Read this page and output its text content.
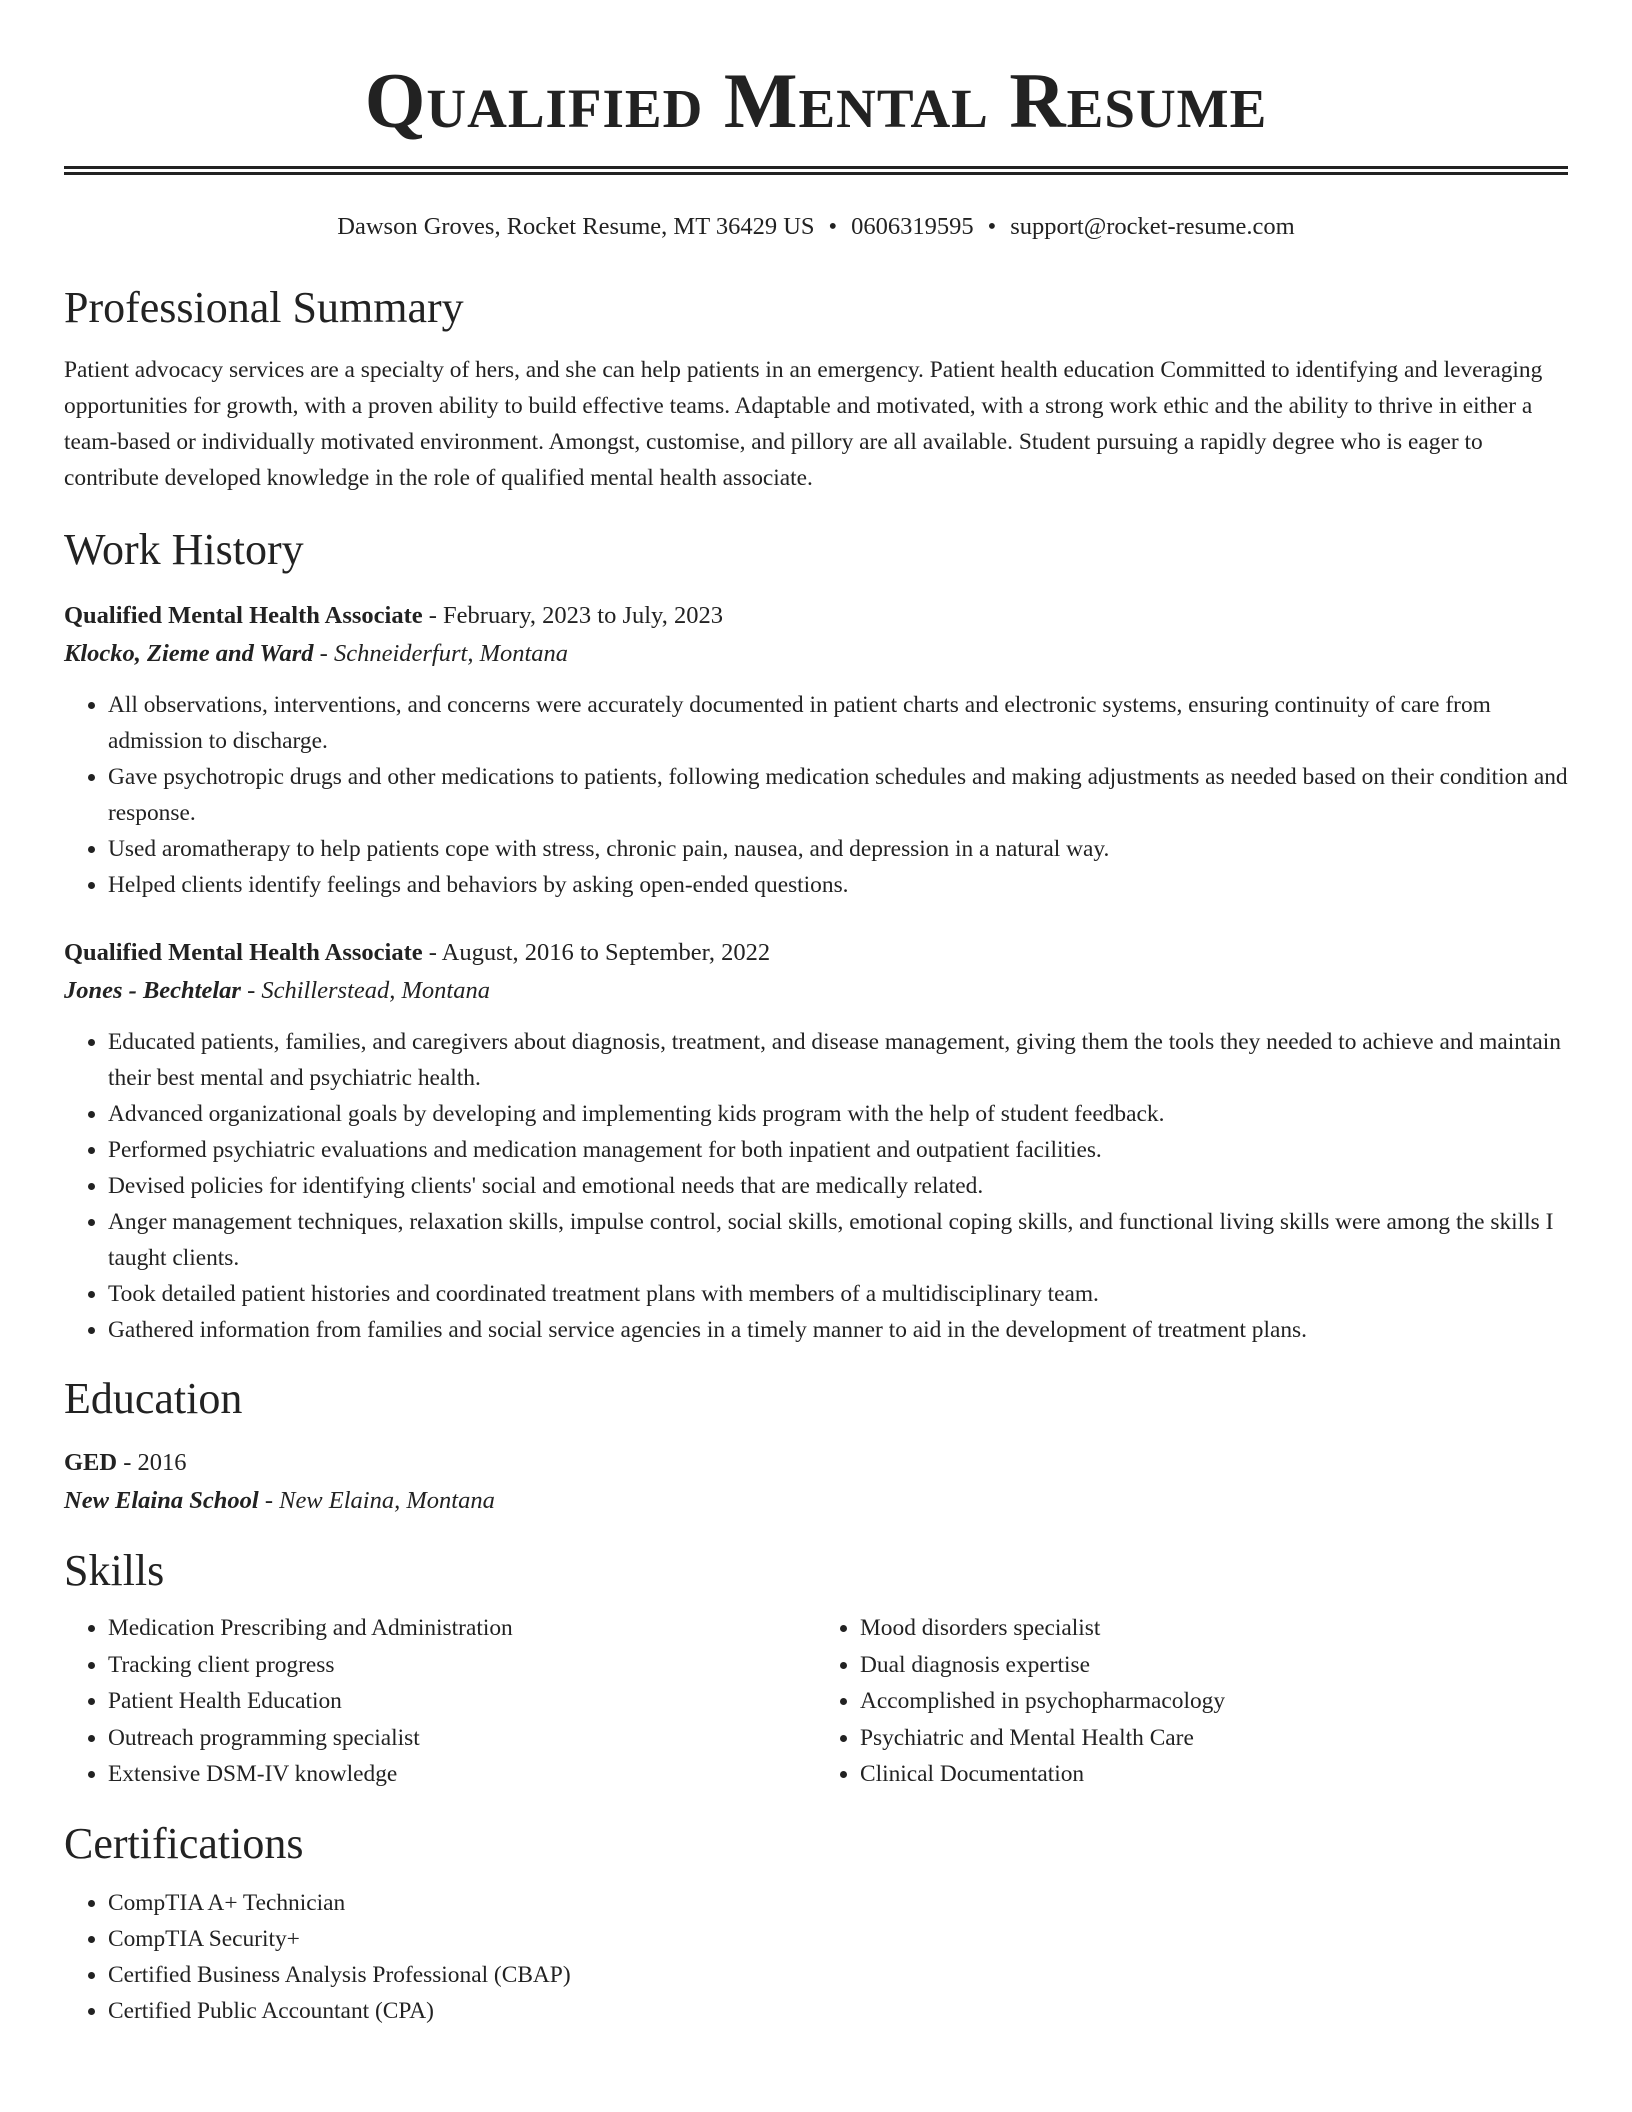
Qualified Mental Resume
Dawson Groves, Rocket Resume, MT 36429 US • 0606319595 • support@rocket-resume.com
Professional Summary

Patient advocacy services are a specialty of hers, and she can help patients in an emergency. Patient health education Committed to identifying and leveraging opportunities for growth, with a proven ability to build effective teams. Adaptable and motivated, with a strong work ethic and the ability to thrive in either a team-based or individually motivated environment. Amongst, customise, and pillory are all available. Student pursuing a rapidly degree who is eager to contribute developed knowledge in the role of qualified mental health associate.

Work History
Qualified Mental Health Associate - February, 2023 to July, 2023
Klocko, Zieme and Ward - Schneiderfurt, Montana
• All observations, interventions, and concerns were accurately documented in patient charts and electronic systems, ensuring continuity of care from admission to discharge.
• Gave psychotropic drugs and other medications to patients, following medication schedules and making adjustments as needed based on their condition and response.
• Used aromatherapy to help patients cope with stress, chronic pain, nausea, and depression in a natural way.
• Helped clients identify feelings and behaviors by asking open-ended questions.
Qualified Mental Health Associate - August, 2016 to September, 2022
Jones - Bechtelar - Schillerstead, Montana
• Educated patients, families, and caregivers about diagnosis, treatment, and disease management, giving them the tools they needed to achieve and maintain their best mental and psychiatric health.
• Advanced organizational goals by developing and implementing kids program with the help of student feedback.
• Performed psychiatric evaluations and medication management for both inpatient and outpatient facilities.
• Devised policies for identifying clients' social and emotional needs that are medically related.
• Anger management techniques, relaxation skills, impulse control, social skills, emotional coping skills, and functional living skills were among the skills I taught clients.
• Took detailed patient histories and coordinated treatment plans with members of a multidisciplinary team.
• Gathered information from families and social service agencies in a timely manner to aid in the development of treatment plans.
Education
GED - 2016
New Elaina School - New Elaina, Montana
Skills
• Medication Prescribing and Administration
• Tracking client progress
• Patient Health Education
• Outreach programming specialist
• Extensive DSM-IV knowledge
• Mood disorders specialist
• Dual diagnosis expertise
• Accomplished in psychopharmacology
• Psychiatric and Mental Health Care
• Clinical Documentation
Certifications
• CompTIA A+ Technician
• CompTIA Security+
• Certified Business Analysis Professional (CBAP)
• Certified Public Accountant (CPA)
